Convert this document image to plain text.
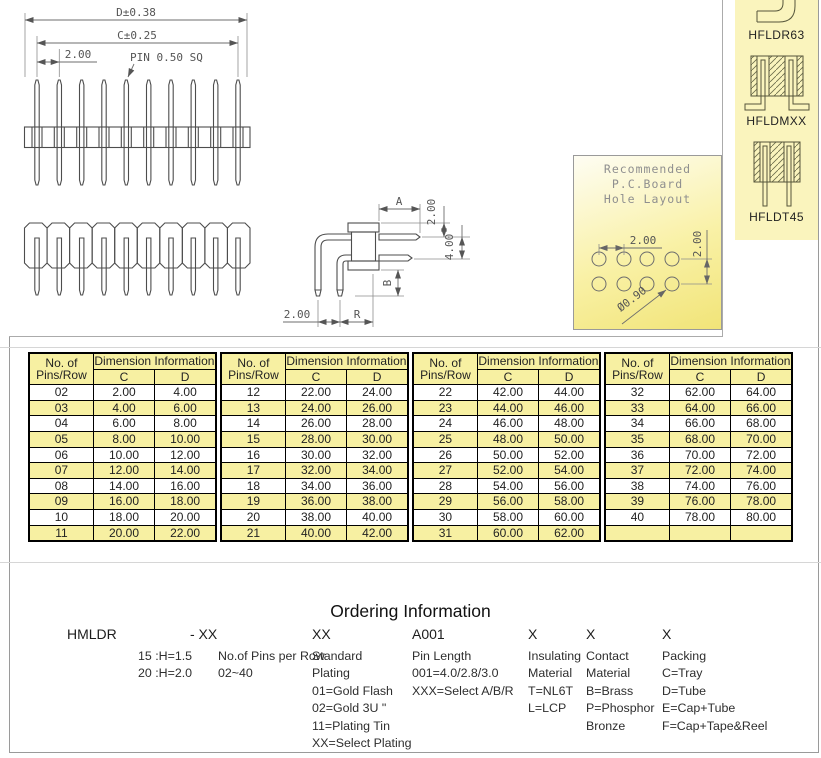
D±0.38
C±0.25
2.00	PIN 0.50 SQ
A 2.00
4.00
B
2.00	R
Recommended
P.C.Board
Hole Layout
2.00	2.00
Ø0.90
HFLDR63
HFLDMXX
HFLDT45
No. of
Pins/Row	Dimension Information	
	C	D
02	2.00	4.00
03	4.00	6.00
04	6.00	8.00
05	8.00	10.00
06	10.00	12.00
07	12.00	14.00
08	14.00	16.00
09	16.00	18.00
10	18.00	20.00
11	20.00	22.00
No. of
Pins/Row	Dimension Information	
	C	D
12	22.00	24.00
13	24.00	26.00
14	26.00	28.00
15	28.00	30.00
16	30.00	32.00
17	32.00	34.00
18	34.00	36.00
19	36.00	38.00
20	38.00	40.00
21	40.00	42.00
No. of
Pins/Row	Dimension Information	
	C	D
22	42.00	44.00
23	44.00	46.00
24	46.00	48.00
25	48.00	50.00
26	50.00	52.00
27	52.00	54.00
28	54.00	56.00
29	56.00	58.00
30	58.00	60.00
31	60.00	62.00
No. of
Pins/Row	Dimension Information	
	C	D
32	62.00	64.00
33	64.00	66.00
34	66.00	68.00
35	68.00	70.00
36	70.00	72.00
37	72.00	74.00
38	74.00	76.00
39	76.00	78.00
40	78.00	80.00

Ordering Information
HMLDR
15 :H=1.5
20 :H=2.0
- XX
No.of Pins per Row
02~40
XX
Standard
Plating
01=Gold Flash
02=Gold 3U "
11=Plating Tin
XX=Select Plating
A001
Pin Length
001=4.0/2.8/3.0
XXX=Select A/B/R
X
Insulating
Material
T=NL6T
L=LCP
X
Contact
Material
B=Brass
P=Phosphor
Bronze
X
Packing
C=Tray
D=Tube
E=Cap+Tube
F=Cap+Tape&Reel
